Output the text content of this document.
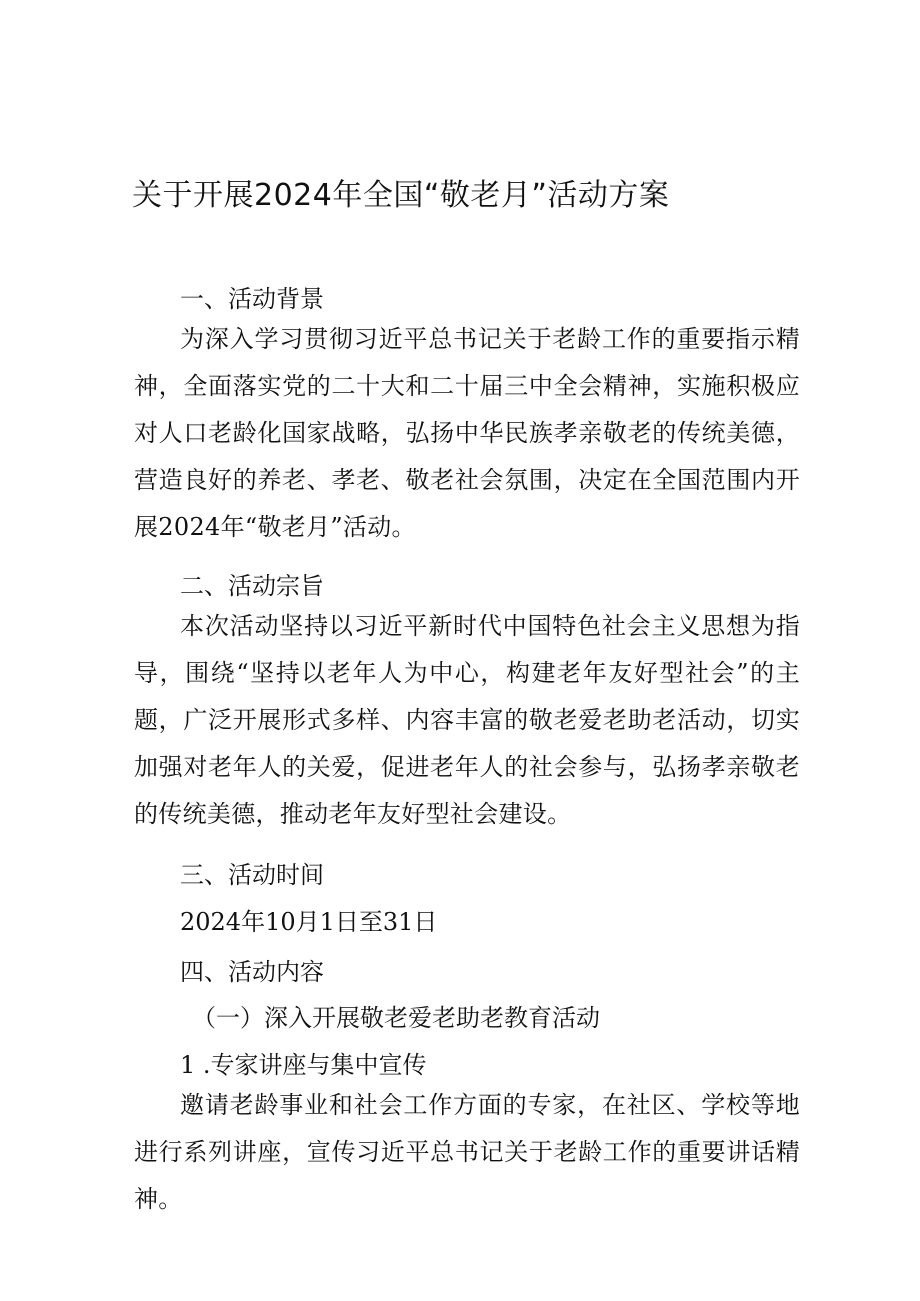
关于开展2024年全国“敬老月”活动方案
一、活动背景
为深入学习贯彻习近平总书记关于老龄工作的重要指示精神，全面落实党的二十大和二十届三中全会精神，实施积极应对人口老龄化国家战略，弘扬中华民族孝亲敬老的传统美德，营造良好的养老、孝老、敬老社会氛围，决定在全国范围内开展2024年“敬老月”活动。
二、活动宗旨
本次活动坚持以习近平新时代中国特色社会主义思想为指导，围绕“坚持以老年人为中心，构建老年友好型社会”的主题，广泛开展形式多样、内容丰富的敬老爱老助老活动，切实加强对老年人的关爱，促进老年人的社会参与，弘扬孝亲敬老的传统美德，推动老年友好型社会建设。
三、活动时间
2024年10月1日至31日
四、活动内容
（一）深入开展敬老爱老助老教育活动
1 .专家讲座与集中宣传
邀请老龄事业和社会工作方面的专家，在社区、学校等地进行系列讲座，宣传习近平总书记关于老龄工作的重要讲话精神。
